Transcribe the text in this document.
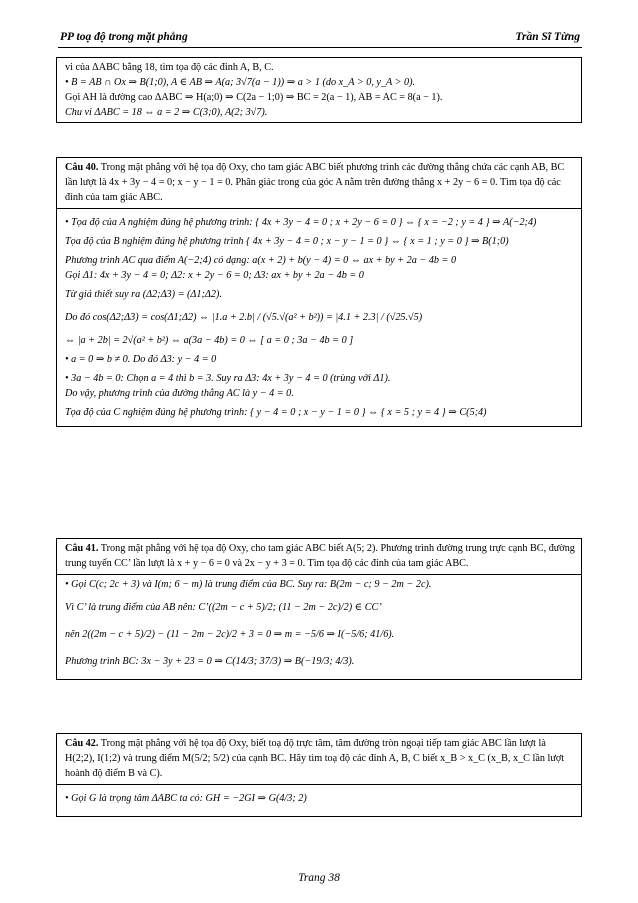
PP toạ độ trong mặt phẳng	Trần Sĩ Từng
vi của ΔABC bằng 18, tìm tọa độ các đỉnh A, B, C.
• B = AB ∩ Ox ⇒ B(1;0), A ∈ AB ⇒ A(a; 3√7(a − 1)) ⇒ a > 1 (do x_A > 0, y_A > 0).
Gọi AH là đường cao ΔABC ⇒ H(a;0) ⇒ C(2a − 1;0) ⇒ BC = 2(a − 1), AB = AC = 8(a − 1).
Chu vi ΔABC = 18 ⇔ a = 2 ⇒ C(3;0), A(2; 3√7).
Câu 40. Trong mặt phẳng với hệ tọa độ Oxy, cho tam giác ABC biết phương trình các đường thẳng chứa các cạnh AB, BC lần lượt là 4x + 3y − 4 = 0; x − y − 1 = 0. Phân giác trong của góc A nằm trên đường thẳng x + 2y − 6 = 0. Tìm tọa độ các đỉnh của tam giác ABC.
• Tọa độ của A nghiệm đúng hệ phương trình: { 4x + 3y − 4 = 0 ; x + 2y − 6 = 0 } ⇔ { x = −2 ; y = 4 } ⇒ A(−2;4)
Tọa độ của B nghiệm đúng hệ phương trình { 4x + 3y − 4 = 0 ; x − y − 1 = 0 } ⇔ { x = 1 ; y = 0 } ⇒ B(1;0)
Phương trình AC qua điểm A(−2;4) có dạng: a(x + 2) + b(y − 4) = 0 ⇔ ax + by + 2a − 4b = 0
Gọi Δ1: 4x + 3y − 4 = 0; Δ2: x + 2y − 6 = 0; Δ3: ax + by + 2a − 4b = 0
Từ giả thiết suy ra (Δ2;Δ3) = (Δ1;Δ2).
Do đó cos(Δ2;Δ3) = cos(Δ1;Δ2) ⇔ |1.a + 2.b| / (√5.√(a² + b²)) = |4.1 + 2.3| / (√25.√5)
⇔ |a + 2b| = 2√(a² + b²) ⇔ a(3a − 4b) = 0 ⇔ [ a = 0 ; 3a − 4b = 0 ]
• a = 0 ⇒ b ≠ 0. Do đó Δ3: y − 4 = 0
• 3a − 4b = 0: Chọn a = 4 thì b = 3. Suy ra Δ3: 4x + 3y − 4 = 0 (trùng với Δ1).
Do vậy, phương trình của đường thẳng AC là y − 4 = 0.
Tọa độ của C nghiệm đúng hệ phương trình: { y − 4 = 0 ; x − y − 1 = 0 } ⇔ { x = 5 ; y = 4 } ⇒ C(5;4)
Câu 41. Trong mặt phẳng với hệ tọa độ Oxy, cho tam giác ABC biết A(5; 2). Phương trình đường trung trực cạnh BC, đường trung tuyến CC’ lần lượt là x + y − 6 = 0 và 2x − y + 3 = 0. Tìm tọa độ các đỉnh của tam giác ABC.
• Gọi C(c; 2c + 3) và I(m; 6 − m) là trung điểm của BC. Suy ra: B(2m − c; 9 − 2m − 2c).
Vì C’ là trung điểm của AB nên: C’((2m − c + 5)/2; (11 − 2m − 2c)/2) ∈ CC’
nên 2((2m − c + 5)/2) − (11 − 2m − 2c)/2 + 3 = 0 ⇒ m = −5/6 ⇒ I(−5/6; 41/6).
Phương trình BC: 3x − 3y + 23 = 0 ⇒ C(14/3; 37/3) ⇒ B(−19/3; 4/3).
Câu 42. Trong mặt phẳng với hệ tọa độ Oxy, biết toạ độ trực tâm, tâm đường tròn ngoại tiếp tam giác ABC lần lượt là H(2;2), I(1;2) và trung điểm M(5/2; 5/2) của cạnh BC. Hãy tìm toạ độ các đỉnh A, B, C biết x_B > x_C (x_B, x_C lần lượt hoành độ điểm B và C).
• Gọi G là trọng tâm ΔABC ta có: GH = −2GI ⇒ G(4/3; 2)
Trang 38
